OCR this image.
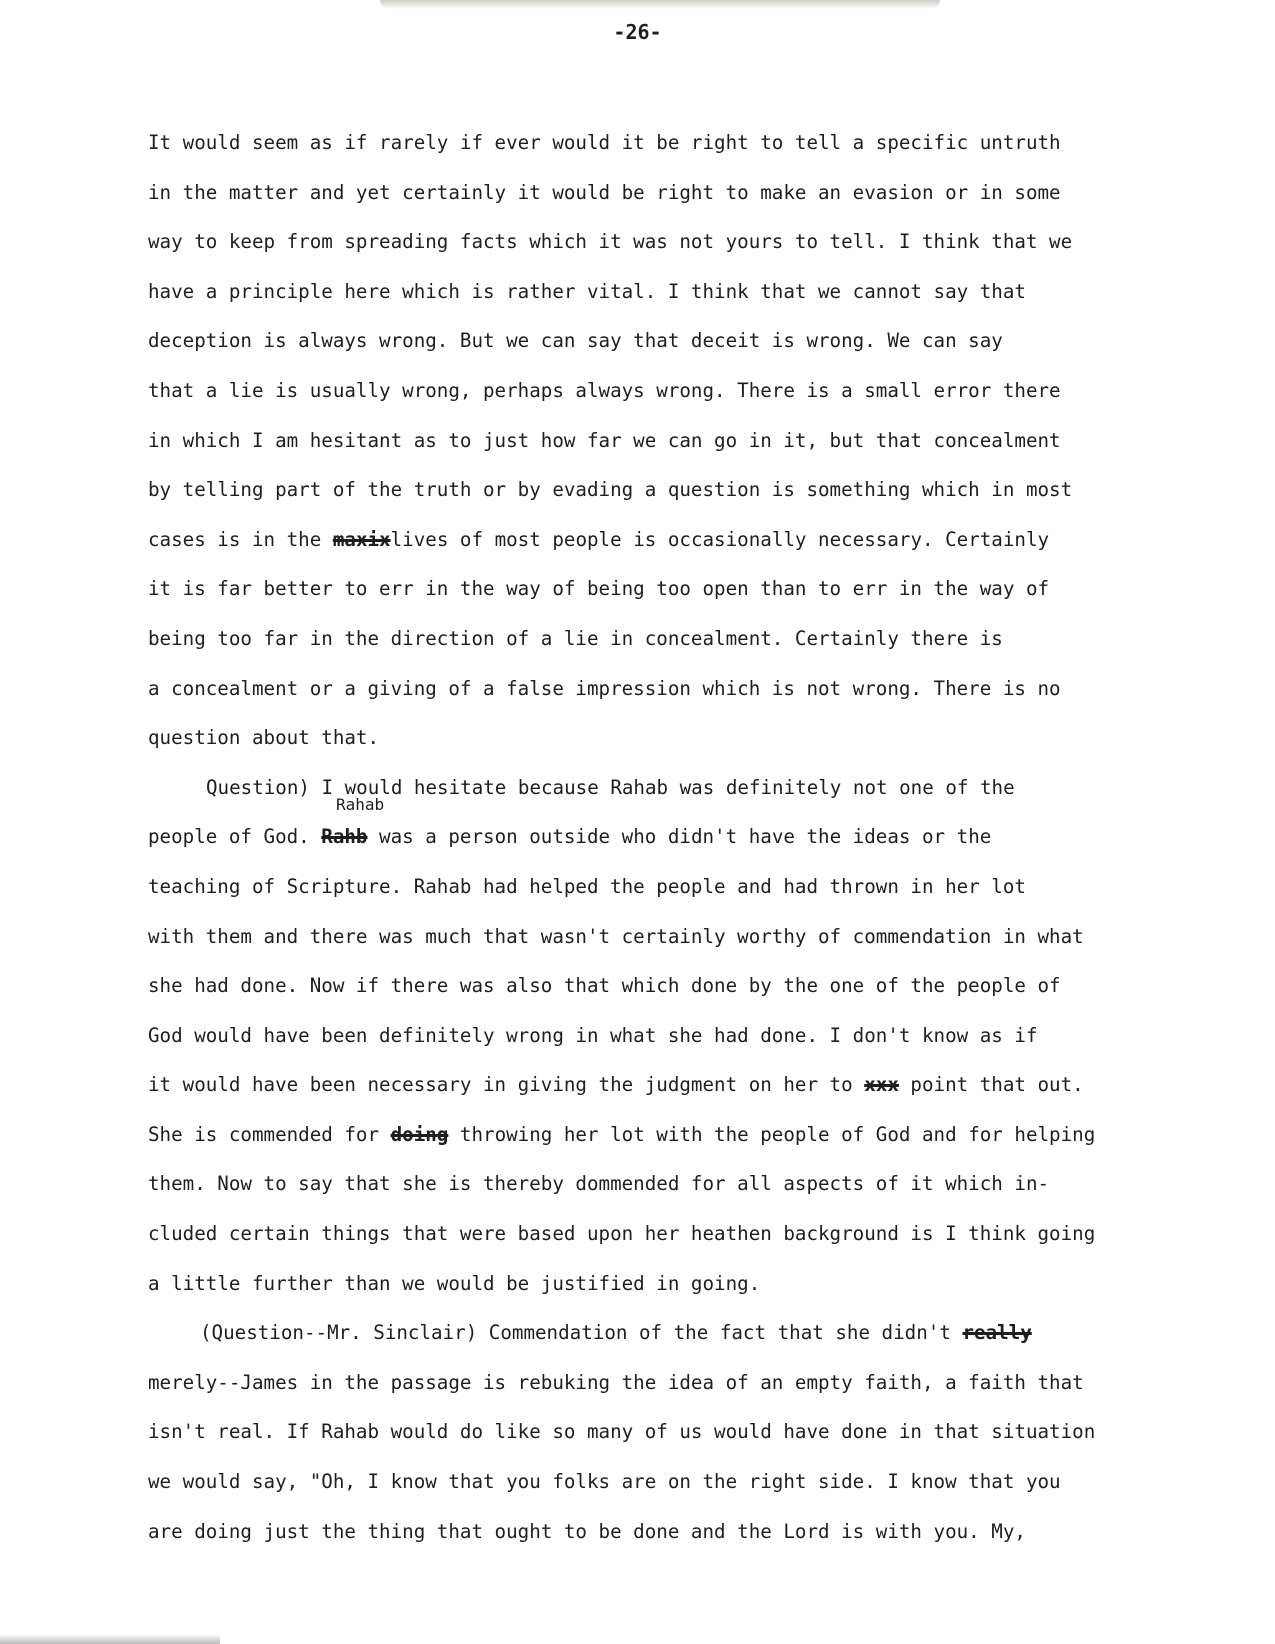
-26-
It would seem as if rarely if ever would it be right to tell a specific untruth
in the matter and yet certainly it would be right to make an evasion or in some
way to keep from spreading facts which it was not yours to tell. I think that we
have a principle here which is rather vital. I think that we cannot say that
deception is always wrong. But we can say that deceit is wrong. We can say
that a lie is usually wrong, perhaps always wrong. There is a small error there
in which I am hesitant as to just how far we can go in it, but that concealment
by telling part of the truth or by evading a question is something which in most
cases is in the maxixlives of most people is occasionally necessary. Certainly
it is far better to err in the way of being too open than to err in the way of
being too far in the direction of a lie in concealment. Certainly there is
a concealment or a giving of a false impression which is not wrong. There is no
question about that.
Question) I would hesitate because Rahab was definitely not one of the
Rahab
people of God. Rahb was a person outside who didn't have the ideas or the
teaching of Scripture. Rahab had helped the people and had thrown in her lot
with them and there was much that wasn't certainly worthy of commendation in what
she had done. Now if there was also that which done by the one of the people of
God would have been definitely wrong in what she had done. I don't know as if
it would have been necessary in giving the judgment on her to xxx point that out.
She is commended for doing throwing her lot with the people of God and for helping
them. Now to say that she is thereby dommended for all aspects of it which in-
cluded certain things that were based upon her heathen background is I think going
a little further than we would be justified in going.
(Question--Mr. Sinclair) Commendation of the fact that she didn't really
merely--James in the passage is rebuking the idea of an empty faith, a faith that
isn't real. If Rahab would do like so many of us would have done in that situation
we would say, "Oh, I know that you folks are on the right side. I know that you
are doing just the thing that ought to be done and the Lord is with you. My,
